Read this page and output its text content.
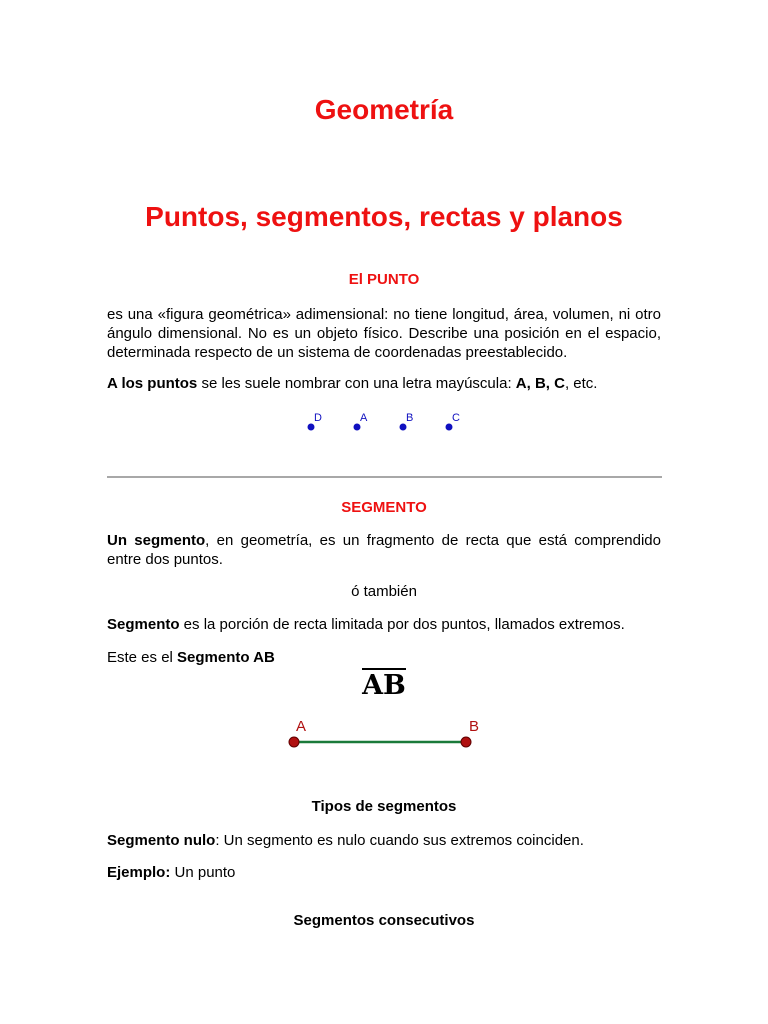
Geometría
Puntos, segmentos, rectas y planos
El PUNTO
es una «figura geométrica» adimensional: no tiene longitud, área, volumen, ni otro ángulo dimensional. No es un objeto físico. Describe una posición en el espacio, determinada respecto de un sistema de coordenadas preestablecido.
A los puntos se les suele nombrar con una letra mayúscula: A, B, C, etc.
D	A	B	C
SEGMENTO
Un segmento, en geometría, es un fragmento de recta que está comprendido entre dos puntos.
ó también
Segmento es la porción de recta limitada por dos puntos, llamados extremos.
Este es el Segmento AB
AB
A	B
Tipos de segmentos
Segmento nulo: Un segmento es nulo cuando sus extremos coinciden.
Ejemplo: Un punto
Segmentos consecutivos
